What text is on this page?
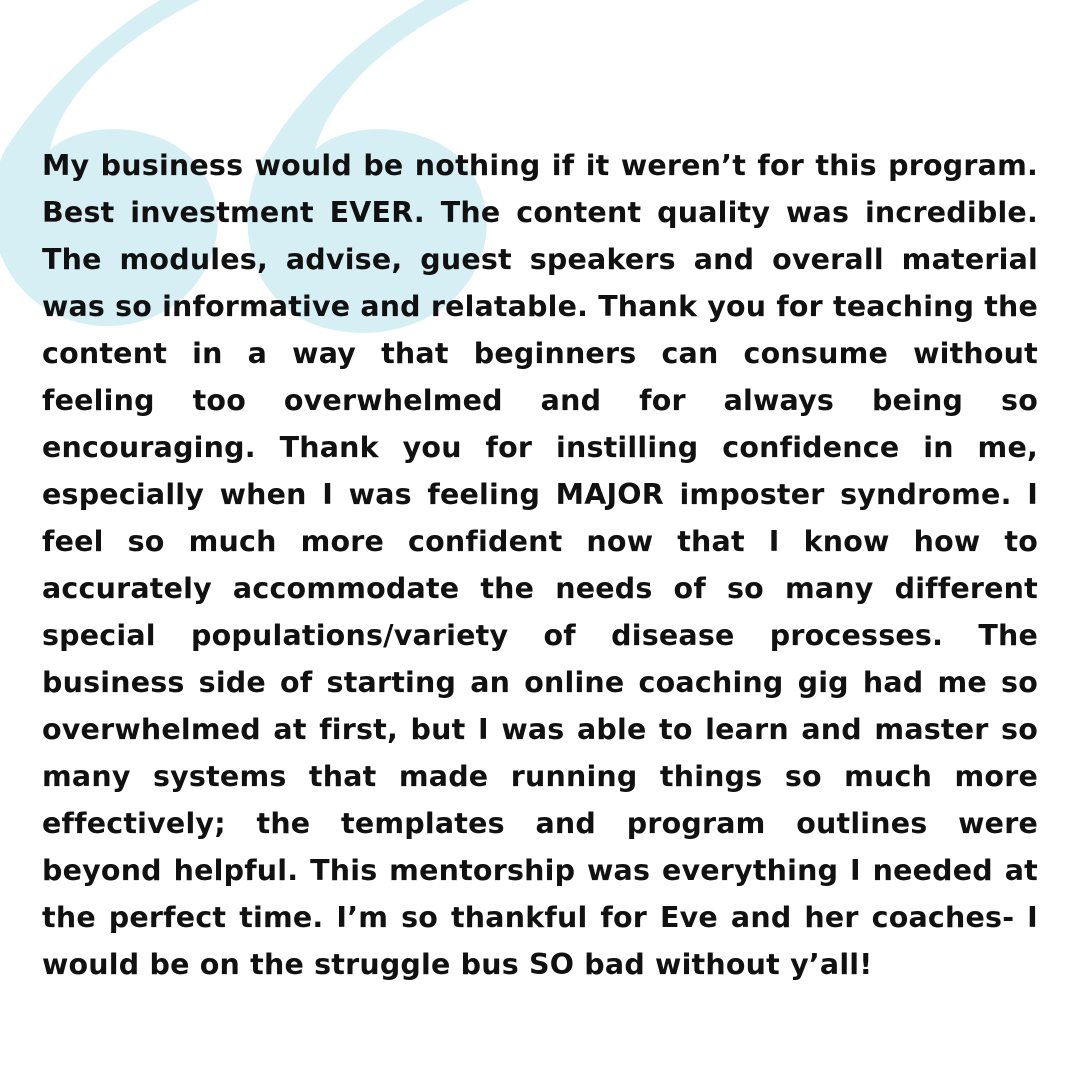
My business would be nothing if it weren’t for this program.
Best investment EVER. The content quality was incredible.
The modules, advise, guest speakers and overall material
was so informative and relatable. Thank you for teaching the
content in a way that beginners can consume without
feeling too overwhelmed and for always being so
encouraging. Thank you for instilling confidence in me,
especially when I was feeling MAJOR imposter syndrome. I
feel so much more confident now that I know how to
accurately accommodate the needs of so many different
special populations/variety of disease processes. The
business side of starting an online coaching gig had me so
overwhelmed at first, but I was able to learn and master so
many systems that made running things so much more
effectively; the templates and program outlines were
beyond helpful. This mentorship was everything I needed at
the perfect time. I’m so thankful for Eve and her coaches- I
would be on the struggle bus SO bad without y’all!
